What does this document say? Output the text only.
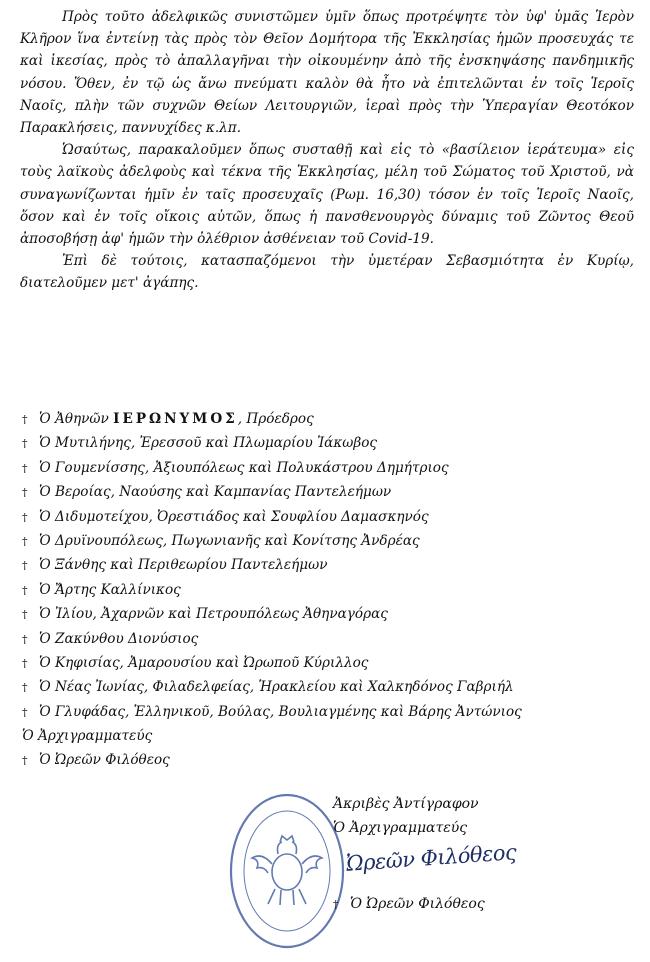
Πρὸς τοῦτο ἀδελφικῶς συνιστῶμεν ὑμῖν ὅπως προτρέψητε τὸν ὑφ' ὑμᾶς Ἱερὸν Κλῆρον ἵνα ἐντείνῃ τὰς πρὸς τὸν Θεῖον Δομήτορα τῆς Ἐκκλησίας ἡμῶν προσευχάς τε καὶ ἱκεσίας, πρὸς τὸ ἀπαλλαγῆναι τὴν οἰκουμένην ἀπὸ τῆς ἐνσκηψάσης πανδημικῆς νόσου. Ὅθεν, ἐν τῷ ὡς ἄνω πνεύματι καλὸν θὰ ἦτο νὰ ἐπιτελῶνται ἐν τοῖς Ἱεροῖς Ναοῖς, πλὴν τῶν συχνῶν Θείων Λειτουργιῶν, ἱεραὶ πρὸς τὴν Ὑπεραγίαν Θεοτόκον Παρακλήσεις, παννυχίδες κ.λπ.

Ὡσαύτως, παρακαλοῦμεν ὅπως συσταθῇ καὶ εἰς τὸ «βασίλειον ἱεράτευμα» εἰς τοὺς λαϊκοὺς ἀδελφοὺς καὶ τέκνα τῆς Ἐκκλησίας, μέλη τοῦ Σώματος τοῦ Χριστοῦ, νὰ συναγωνίζωνται ἡμῖν ἐν ταῖς προσευχαῖς (Ρωμ. 16,30) τόσον ἐν τοῖς Ἱεροῖς Ναοῖς, ὅσον καὶ ἐν τοῖς οἴκοις αὐτῶν, ὅπως ἡ πανσθενουργὸς δύναμις τοῦ Ζῶντος Θεοῦ ἀποσοβήσῃ ἀφ' ἡμῶν τὴν ὀλέθριον ἀσθένειαν τοῦ Covid-19.

Ἐπὶ δὲ τούτοις, κατασπαζόμενοι τὴν ὑμετέραν Σεβασμιότητα ἐν Κυρίῳ, διατελοῦμεν μετ' ἀγάπης.

† Ὁ Ἀθηνῶν ΙΕΡΩΝΥΜΟΣ, Πρόεδρος
† Ὁ Μυτιλήνης, Ἐρεσσοῦ καὶ Πλωμαρίου Ἰάκωβος
† Ὁ Γουμενίσσης, Ἀξιουπόλεως καὶ Πολυκάστρου Δημήτριος
† Ὁ Βεροίας, Ναούσης καὶ Καμπανίας Παντελεήμων
† Ὁ Διδυμοτείχου, Ὀρεστιάδος καὶ Σουφλίου Δαμασκηνός
† Ὁ Δρυϊνουπόλεως, Πωγωνιανῆς καὶ Κονίτσης Ἀνδρέας
† Ὁ Ξάνθης καὶ Περιθεωρίου Παντελεήμων
† Ὁ Ἄρτης Καλλίνικος
† Ὁ Ἰλίου, Ἀχαρνῶν καὶ Πετρουπόλεως Ἀθηναγόρας
† Ὁ Ζακύνθου Διονύσιος
† Ὁ Κηφισίας, Ἀμαρουσίου καὶ Ὠρωποῦ Κύριλλος
† Ὁ Νέας Ἰωνίας, Φιλαδελφείας, Ἡρακλείου καὶ Χαλκηδόνος Γαβριήλ
† Ὁ Γλυφάδας, Ἑλληνικοῦ, Βούλας, Βουλιαγμένης καὶ Βάρης Ἀντώνιος
Ὁ Ἀρχιγραμματεύς
† Ὁ Ὠρεῶν Φιλόθεος
Ἀκριβὲς Ἀντίγραφον
Ὁ Ἀρχιγραμματεύς
Ὠρεῶν Φιλόθεος
† Ὁ Ὠρεῶν Φιλόθεος
